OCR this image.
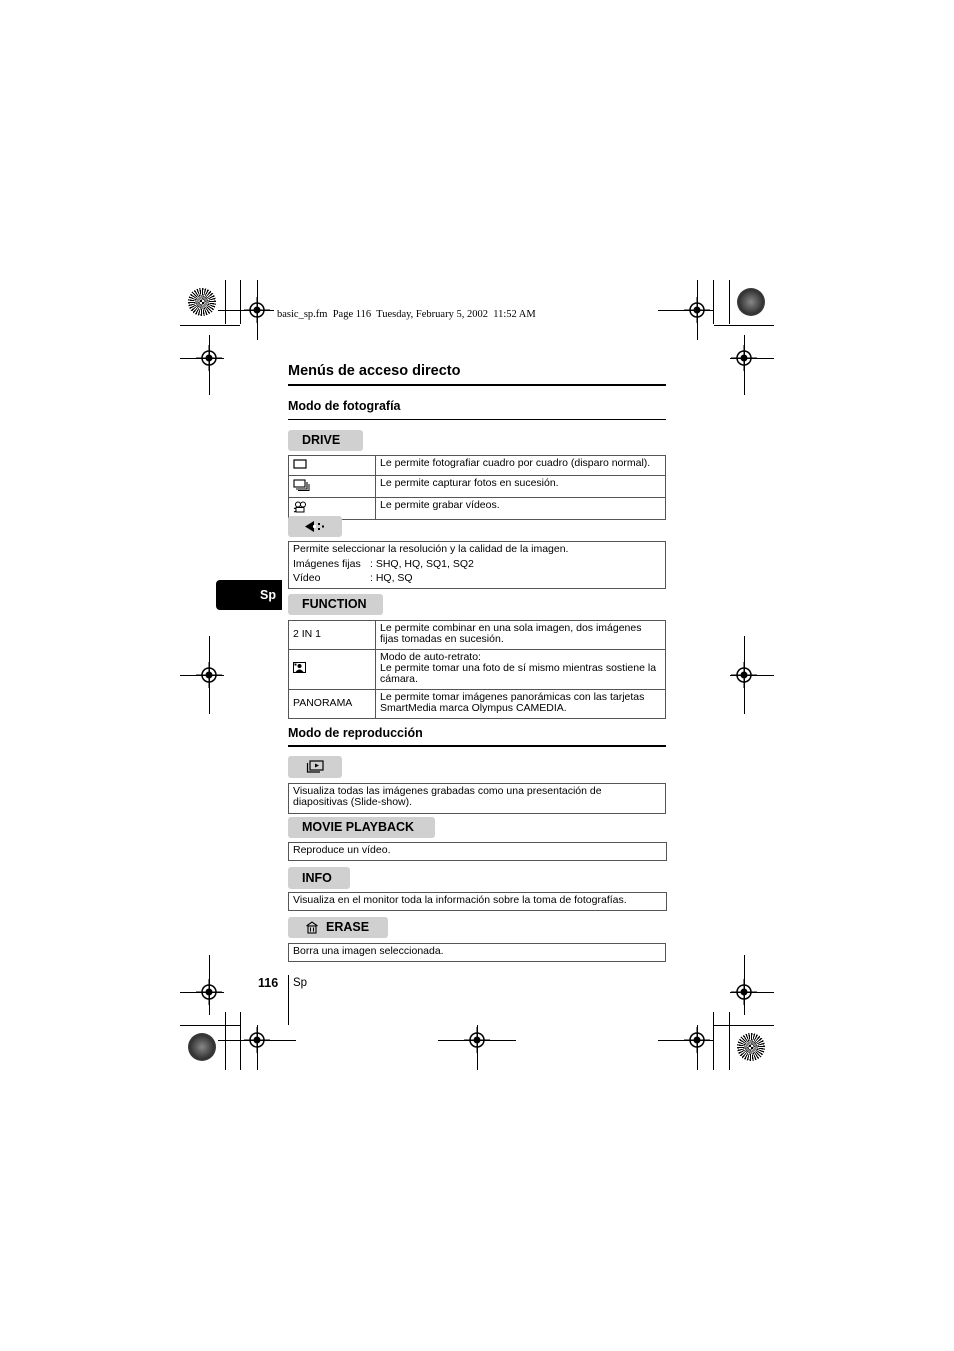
basic_sp.fm  Page 116  Tuesday, February 5, 2002  11:52 AM
Menús de acceso directo
Modo de fotografía
DRIVE
	Le permite fotografiar cuadro por cuadro (disparo normal).
	Le permite capturar fotos en sucesión.
	Le permite grabar vídeos.
Permite seleccionar la resolución y la calidad de la imagen.
Imágenes fijas : SHQ, HQ, SQ1, SQ2
Vídeo	: HQ, SQ
Sp
FUNCTION
2 IN 1	Le permite combinar en una sola imagen, dos imágenes fijas tomadas en sucesión.

Modo de auto-retrato:
Le permite tomar una foto de sí mismo mientras sostiene la cámara.

PANORAMA	Le permite tomar imágenes panorámicas con las tarjetas SmartMedia marca Olympus CAMEDIA.
Modo de reproducción
Visualiza todas las imágenes grabadas como una presentación de diapositivas (Slide-show).
MOVIE PLAYBACK
Reproduce un vídeo.
INFO
Visualiza en el monitor toda la información sobre la toma de fotografías.
ERASE
Borra una imagen seleccionada.
116 Sp
